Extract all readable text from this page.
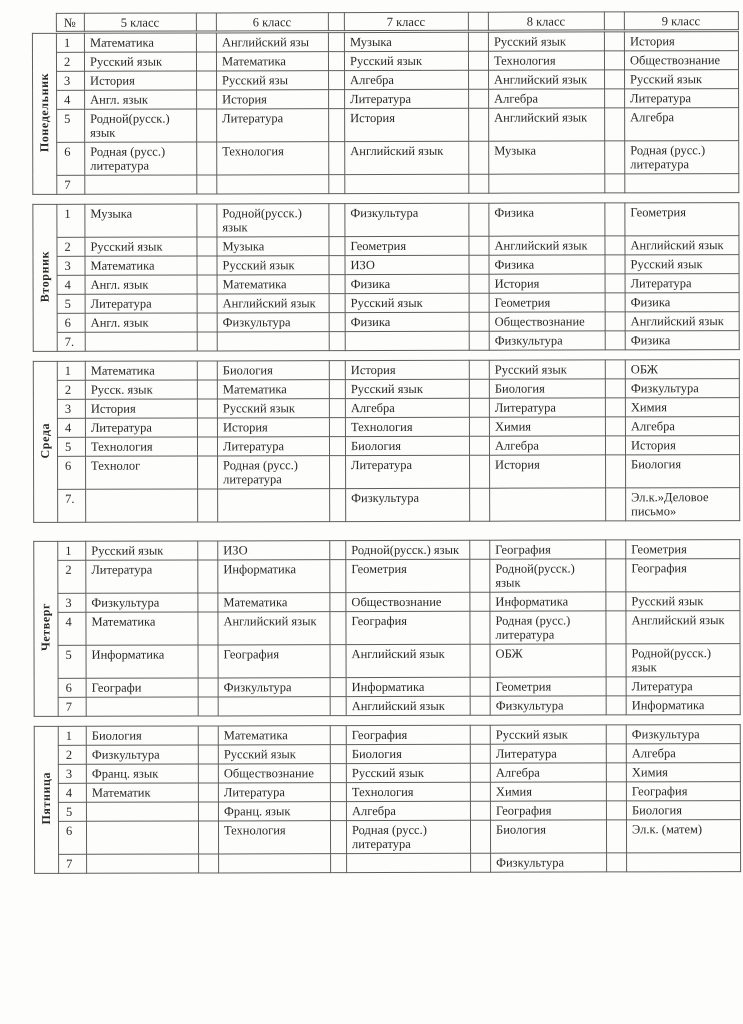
	№	5 класс		6 класс		7 класс		8 класс		9 класс
Понедельник	1	Математика		Английский язы		Музыка		Русский язык		История
	2	Русский язык		Математика		Русский язык		Технология		Обществознание
	3	История		Русский язы		Алгебра		Английский язык		Русский язык
	4	Англ. язык		История		Литература		Алгебра		Литература
	5	Родной(русск.) язык		Литература		История		Английский язык		Алгебра
	6	Родная (русс.) литература		Технология		Английский язык		Музыка		Родная (русс.) литература
	7									
Вторник	1	Музыка		Родной(русск.) язык		Физкультура		Физика		Геометрия
	2	Русский язык		Музыка		Геометрия		Английский язык		Английский язык
	3	Математика		Русский язык		ИЗО		Физика		Русский язык
	4	Англ. язык		Математика		Физика		История		Литература
	5	Литература		Английский язык		Русский язык		Геометрия		Физика
	6	Англ. язык		Физкультура		Физика		Обществознание		Английский язык
	7.							Физкультура		Физика
Среда	1	Математика		Биология		История		Русский язык		ОБЖ
	2	Русск. язык		Математика		Русский язык		Биология		Физкультура
	3	История		Русский язык		Алгебра		Литература		Химия
	4	Литература		История		Технология		Химия		Алгебра
	5	Технология		Литература		Биология		Алгебра		История
	6	Технолог		Родная (русс.) литература		Литература		История		Биология
	7.					Физкультура				Эл.к.»Деловое письмо»
Четверг	1	Русский язык		ИЗО		Родной(русск.) язык		География		Геометрия
	2	Литература		Информатика		Геометрия		Родной(русск.) язык		География
	3	Физкультура		Математика		Обществознание		Информатика		Русский язык
	4	Математика		Английский язык		География		Родная (русс.) литература		Английский язык
	5	Информатика		География		Английский язык		ОБЖ		Родной(русск.) язык
	6	Географи		Физкультура		Информатика		Геометрия		Литература
	7					Английский язык		Физкультура		Информатика
Пятница	1	Биология		Математика		География		Русский язык		Физкультура
	2	Физкультура		Русский язык		Биология		Литература		Алгебра
	3	Франц. язык		Обществознание		Русский язык		Алгебра		Химия
	4	Математик		Литература		Технология		Химия		География
	5			Франц. язык		Алгебра		География		Биология
	6			Технология		Родная (русс.) литература		Биология		Эл.к. (матем)
	7							Физкультура		
